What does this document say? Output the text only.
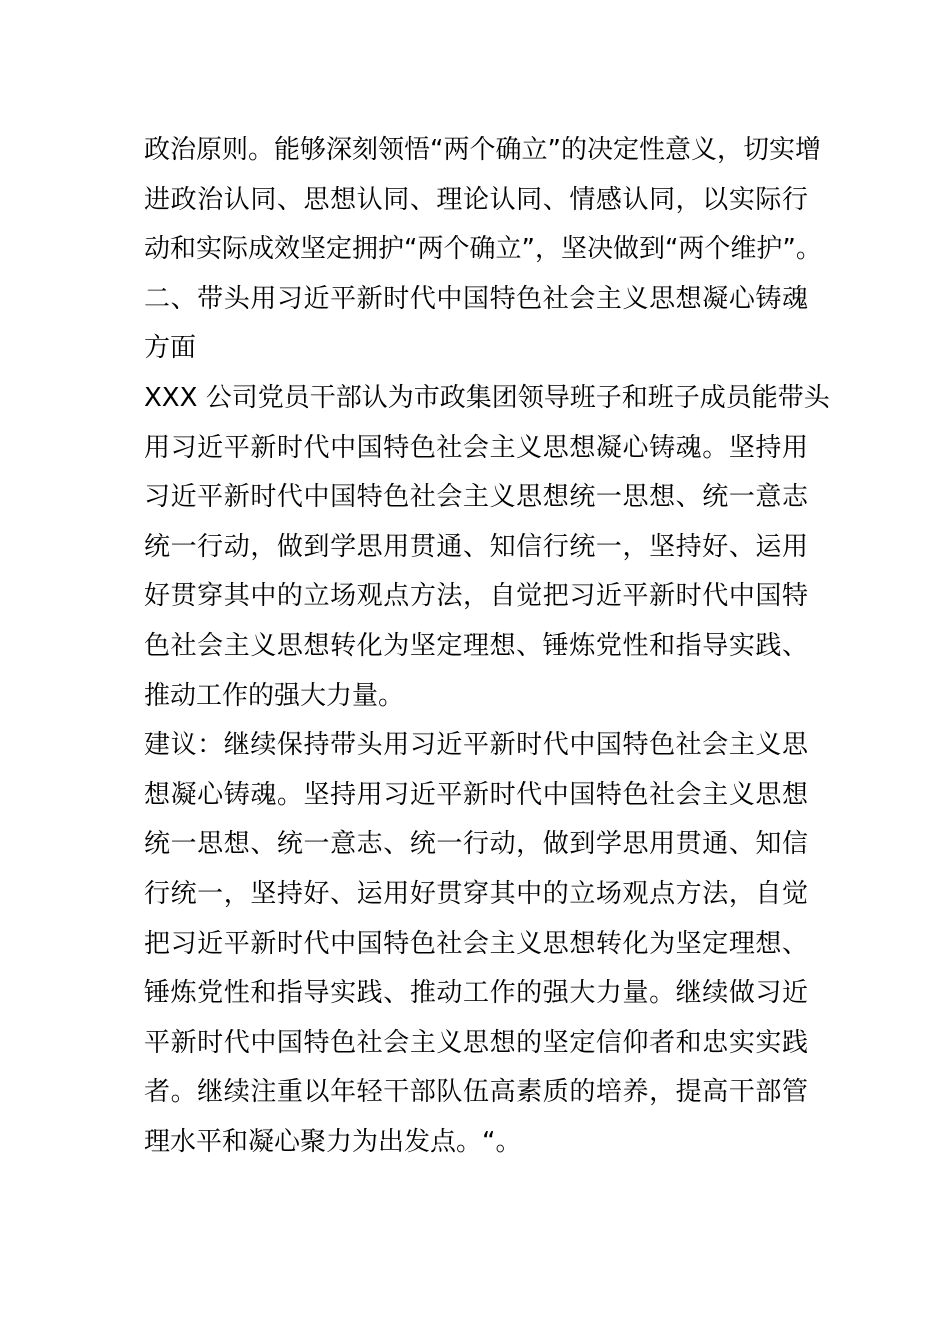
政治原则。能够深刻领悟“两个确立”的决定性意义，切实增
进政治认同、思想认同、理论认同、情感认同，以实际行
动和实际成效坚定拥护“两个确立”，坚决做到“两个维护”。
二、带头用习近平新时代中国特色社会主义思想凝心铸魂
方面
XXX 公司党员干部认为市政集团领导班子和班子成员能带头
用习近平新时代中国特色社会主义思想凝心铸魂。坚持用
习近平新时代中国特色社会主义思想统一思想、统一意志
统一行动，做到学思用贯通、知信行统一，坚持好、运用
好贯穿其中的立场观点方法，自觉把习近平新时代中国特
色社会主义思想转化为坚定理想、锤炼党性和指导实践、
推动工作的强大力量。
建议：继续保持带头用习近平新时代中国特色社会主义思
想凝心铸魂。坚持用习近平新时代中国特色社会主义思想
统一思想、统一意志、统一行动，做到学思用贯通、知信
行统一，坚持好、运用好贯穿其中的立场观点方法，自觉
把习近平新时代中国特色社会主义思想转化为坚定理想、
锤炼党性和指导实践、推动工作的强大力量。继续做习近
平新时代中国特色社会主义思想的坚定信仰者和忠实实践
者。继续注重以年轻干部队伍高素质的培养，提高干部管
理水平和凝心聚力为出发点。“。
